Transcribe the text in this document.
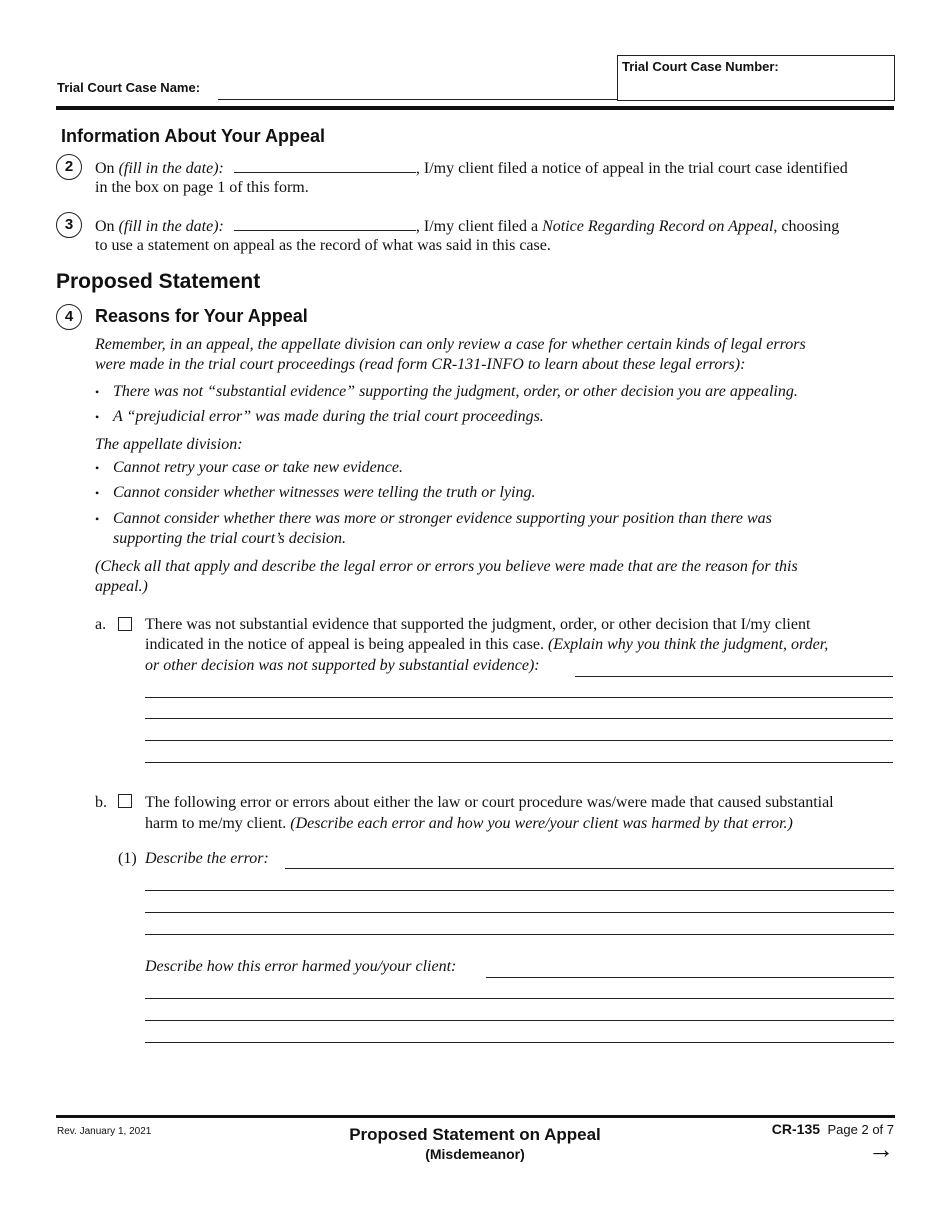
Trial Court Case Name:
Trial Court Case Number:
Information About Your Appeal
2	On (fill in the date):	, I/my client filed a notice of appeal in the trial court case identified
in the box on page 1 of this form.
3	On (fill in the date):	, I/my client filed a Notice Regarding Record on Appeal, choosing
to use a statement on appeal as the record of what was said in this case.
Proposed Statement
4	Reasons for Your Appeal
Remember, in an appeal, the appellate division can only review a case for whether certain kinds of legal errors
were made in the trial court proceedings (read form CR-131-INFO to learn about these legal errors):
• There was not “substantial evidence” supporting the judgment, order, or other decision you are appealing.
• A “prejudicial error” was made during the trial court proceedings.
The appellate division:
• Cannot retry your case or take new evidence.
• Cannot consider whether witnesses were telling the truth or lying.
• Cannot consider whether there was more or stronger evidence supporting your position than there was
supporting the trial court’s decision.
(Check all that apply and describe the legal error or errors you believe were made that are the reason for this
appeal.)
a. There was not substantial evidence that supported the judgment, order, or other decision that I/my client
indicated in the notice of appeal is being appealed in this case. (Explain why you think the judgment, order,
or other decision was not supported by substantial evidence):
b. The following error or errors about either the law or court procedure was/were made that caused substantial
harm to me/my client. (Describe each error and how you were/your client was harmed by that error.)
(1) Describe the error:
Describe how this error harmed you/your client:
Rev. January 1, 2021	Proposed Statement on Appeal
(Misdemeanor)
CR-135 Page 2 of 7
→
